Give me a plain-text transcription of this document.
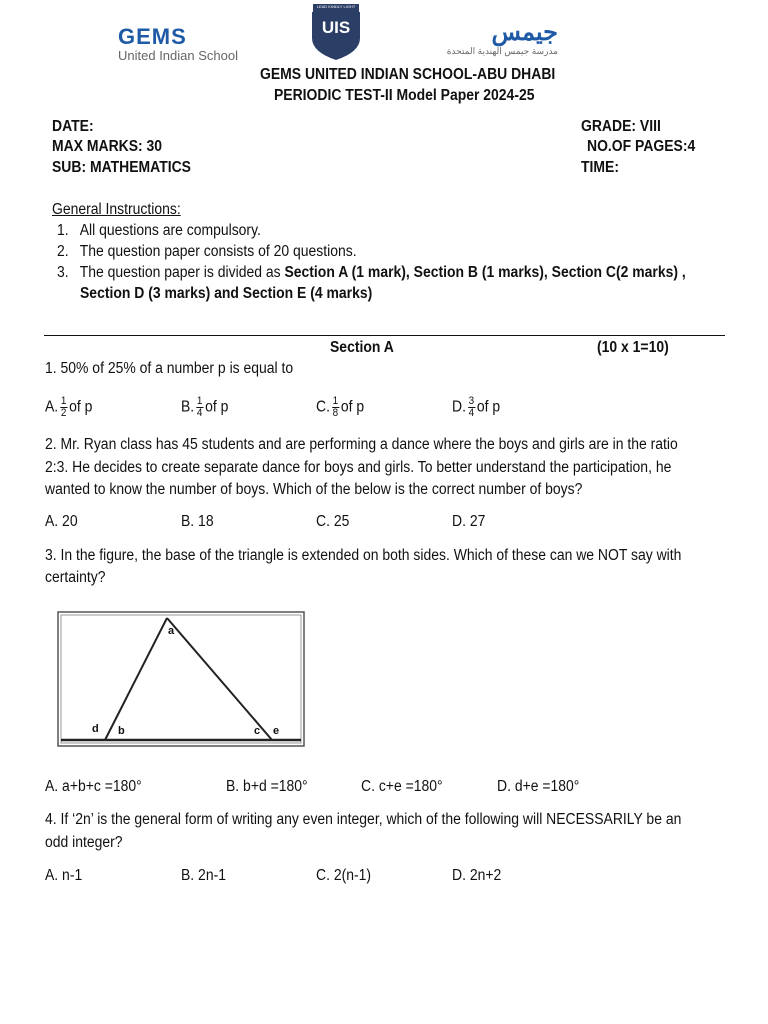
GEMS
United Indian School
LEAD KINDLY LIGHT
UIS	جيمس
مدرسة جيمس الهندية المتحدة
GEMS UNITED INDIAN SCHOOL-ABU DHABI
PERIODIC TEST-II Model Paper 2024-25
DATE:
MAX MARKS: 30
SUB: MATHEMATICS
GRADE: VIII
NO.OF PAGES:4
TIME:
General Instructions:
1. All questions are compulsory.
2. The question paper consists of 20 questions.
3. The question paper is divided as Section A (1 mark), Section B (1 marks), Section C(2 marks) ,
Section D (3 marks) and Section E (4 marks)
Section A	(10 x 1=10)
1. 50% of 25% of a number p is equal to
A. $\frac{1}{2}$ of p	B. $\frac{1}{4}$ of p	C. $\frac{1}{8}$ of p	D. $\frac{3}{4}$ of p
2. Mr. Ryan class has 45 students and are performing a dance where the boys and girls are in the ratio
2:3. He decides to create separate dance for boys and girls. To better understand the participation, he
wanted to know the number of boys. Which of the below is the correct number of boys?
A. 20	B. 18	C. 25	D. 27
3. In the figure, the base of the triangle is extended on both sides. Which of these can we NOT say with
certainty?
a
d b	c e
A. a+b+c =180°	B. b+d =180°	C. c+e =180°	D. d+e =180°
4. If ‘2n’ is the general form of writing any even integer, which of the following will NECESSARILY be an
odd integer?
A. n-1	B. 2n-1	C. 2(n-1)	D. 2n+2
